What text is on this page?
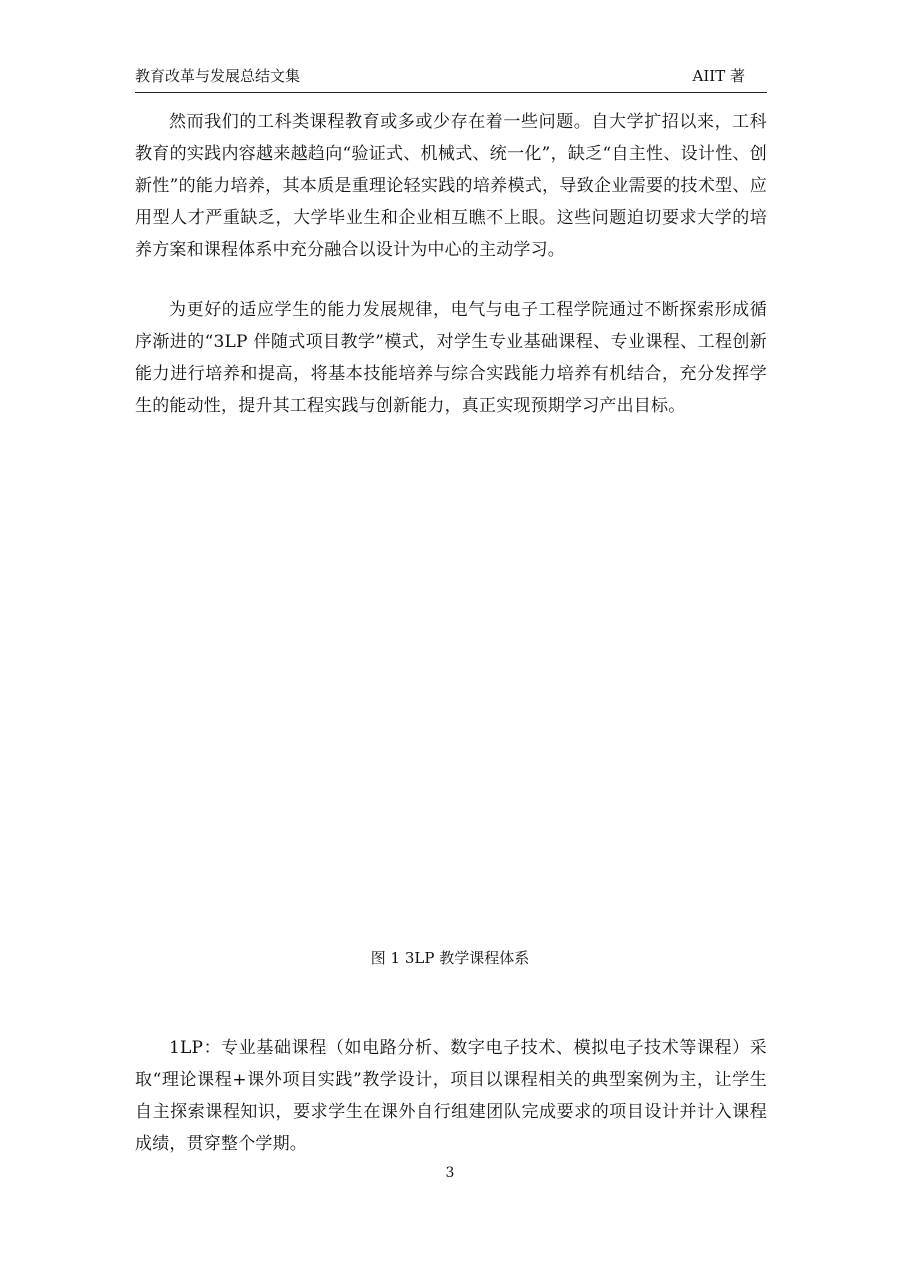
教育改革与发展总结文集	AIIT 著

然而我们的工科类课程教育或多或少存在着一些问题。自大学扩招以来，工科教育的实践内容越来越趋向“验证式、机械式、统一化”，缺乏“自主性、设计性、创新性”的能力培养，其本质是重理论轻实践的培养模式，导致企业需要的技术型、应用型人才严重缺乏，大学毕业生和企业相互瞧不上眼。这些问题迫切要求大学的培养方案和课程体系中充分融合以设计为中心的主动学习。

为更好的适应学生的能力发展规律，电气与电子工程学院通过不断探索形成循序渐进的“3LP 伴随式项目教学”模式，对学生专业基础课程、专业课程、工程创新能力进行培养和提高，将基本技能培养与综合实践能力培养有机结合，充分发挥学生的能动性，提升其工程实践与创新能力，真正实现预期学习产出目标。

图 1 3LP 教学课程体系

1LP：专业基础课程（如电路分析、数字电子技术、模拟电子技术等课程）采取“理论课程+课外项目实践”教学设计，项目以课程相关的典型案例为主，让学生自主探索课程知识，要求学生在课外自行组建团队完成要求的项目设计并计入课程成绩，贯穿整个学期。

3
